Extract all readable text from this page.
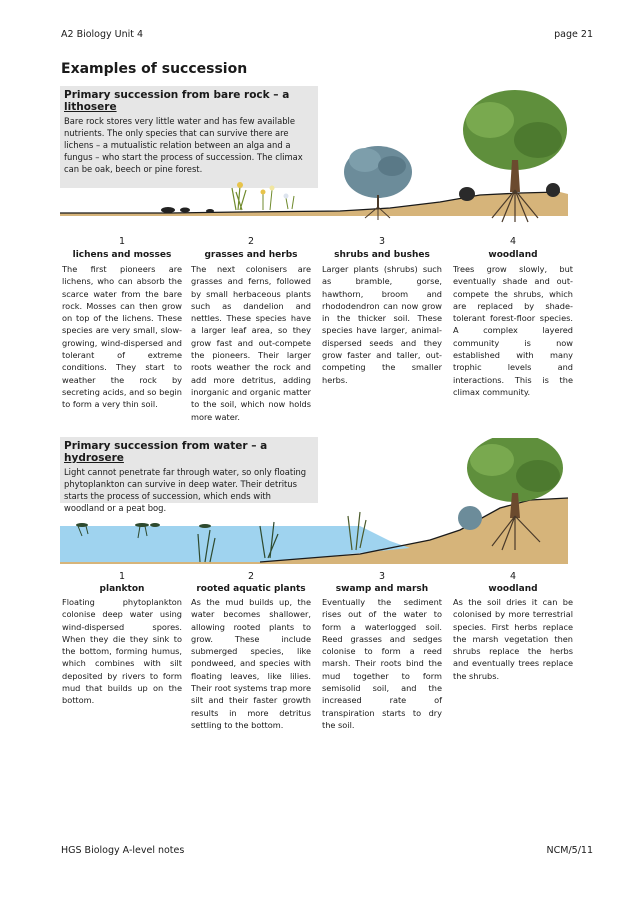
A2 Biology Unit 4	page 21
Examples of succession
Primary succession from bare rock – a lithosere
Bare rock stores very little water and has few available nutrients. The only species that can survive there are lichens – a mutualistic relation between an alga and a fungus – who start the process of succession. The climax can be oak, beech or pine forest.
1
lichens and mosses
The first pioneers are lichens, who can absorb the scarce water from the bare rock. Mosses can then grow on top of the lichens. These species are very small, slow-growing, wind-dispersed and tolerant of extreme conditions. They start to weather the rock by secreting acids, and so begin to form a very thin soil.
2
grasses and herbs
The next colonisers are grasses and ferns, followed by small herbaceous plants such as dandelion and nettles. These species have a larger leaf area, so they grow fast and out-compete the pioneers. Their larger roots weather the rock and add more detritus, adding inorganic and organic matter to the soil, which now holds more water.
3
shrubs and bushes
Larger plants (shrubs) such as bramble, gorse, hawthorn, broom and rhododendron can now grow in the thicker soil. These species have larger, animal-dispersed seeds and they grow faster and taller, out-competing the smaller herbs.
4
woodland
Trees grow slowly, but eventually shade and out-compete the shrubs, which are replaced by shade-tolerant forest-floor species. A complex layered community is now established with many trophic levels and interactions. This is the climax community.
Primary succession from water – a hydrosere
Light cannot penetrate far through water, so only floating phytoplankton can survive in deep water. Their detritus starts the process of succession, which ends with woodland or a peat bog.
1
plankton
Floating phytoplankton colonise deep water using wind-dispersed spores. When they die they sink to the bottom, forming humus, which combines with silt deposited by rivers to form mud that builds up on the bottom.
2
rooted aquatic plants
As the mud builds up, the water becomes shallower, allowing rooted plants to grow. These include submerged species, like pondweed, and species with floating leaves, like lilies. Their root systems trap more silt and their faster growth results in more detritus settling to the bottom.
3
swamp and marsh
Eventually the sediment rises out of the water to form a waterlogged soil. Reed grasses and sedges colonise to form a reed marsh. Their roots bind the mud together to form semisolid soil, and the increased rate of transpiration starts to dry the soil.
4
woodland
As the soil dries it can be colonised by more terrestrial species. First herbs replace the marsh vegetation then shrubs replace the herbs and eventually trees replace the shrubs.
HGS Biology A-level notes	NCM/5/11
